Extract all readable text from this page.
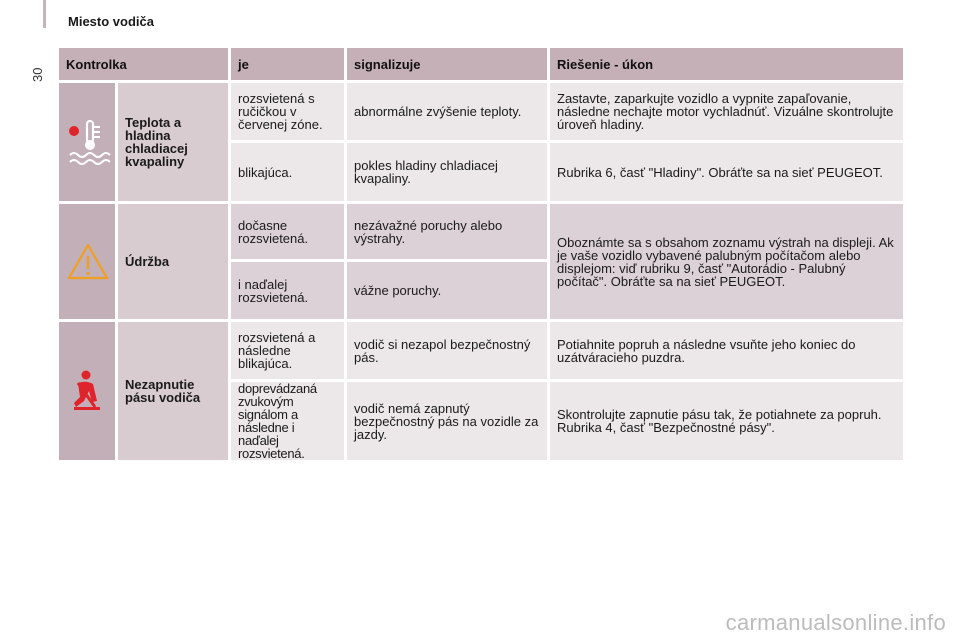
30
Miesto vodiča
Kontrolka		je	signalizuje	Riešenie - úkon
	Teplota a hladina chladiacej kvapaliny	rozsvietená s ručičkou v červenej zóne.	abnormálne zvýšenie teploty.	Zastavte, zaparkujte vozidlo a vypnite zapaľovanie, následne nechajte motor vychladnúť. Vizuálne skontrolujte úroveň hladiny.
		blikajúca.	pokles hladiny chladiacej kvapaliny.	Rubrika 6, časť "Hladiny". Obráťte sa na sieť PEUGEOT.
	Údržba	dočasne rozsvietená.	nezávažné poruchy alebo výstrahy.	Oboznámte sa s obsahom zoznamu výstrah na displeji. Ak je vaše vozidlo vybavené palubným počítačom alebo displejom: viď rubriku 9, časť "Autorádio - Palubný počítač". Obráťte sa na sieť PEUGEOT.
		i naďalej rozsvietená.	vážne poruchy.	
	Nezapnutie pásu vodiča	rozsvietená a následne blikajúca.	vodič si nezapol bezpečnostný pás.	Potiahnite popruh a následne vsuňte jeho koniec do uzátváracieho puzdra.
		doprevádzaná zvukovým signálom a následne i naďalej rozsvietená.	vodič nemá zapnutý bezpečnostný pás na vozidle za jazdy.	Skontrolujte zapnutie pásu tak, že potiahnete za popruh. Rubrika 4, časť "Bezpečnostné pásy".
carmanualsonline.info
